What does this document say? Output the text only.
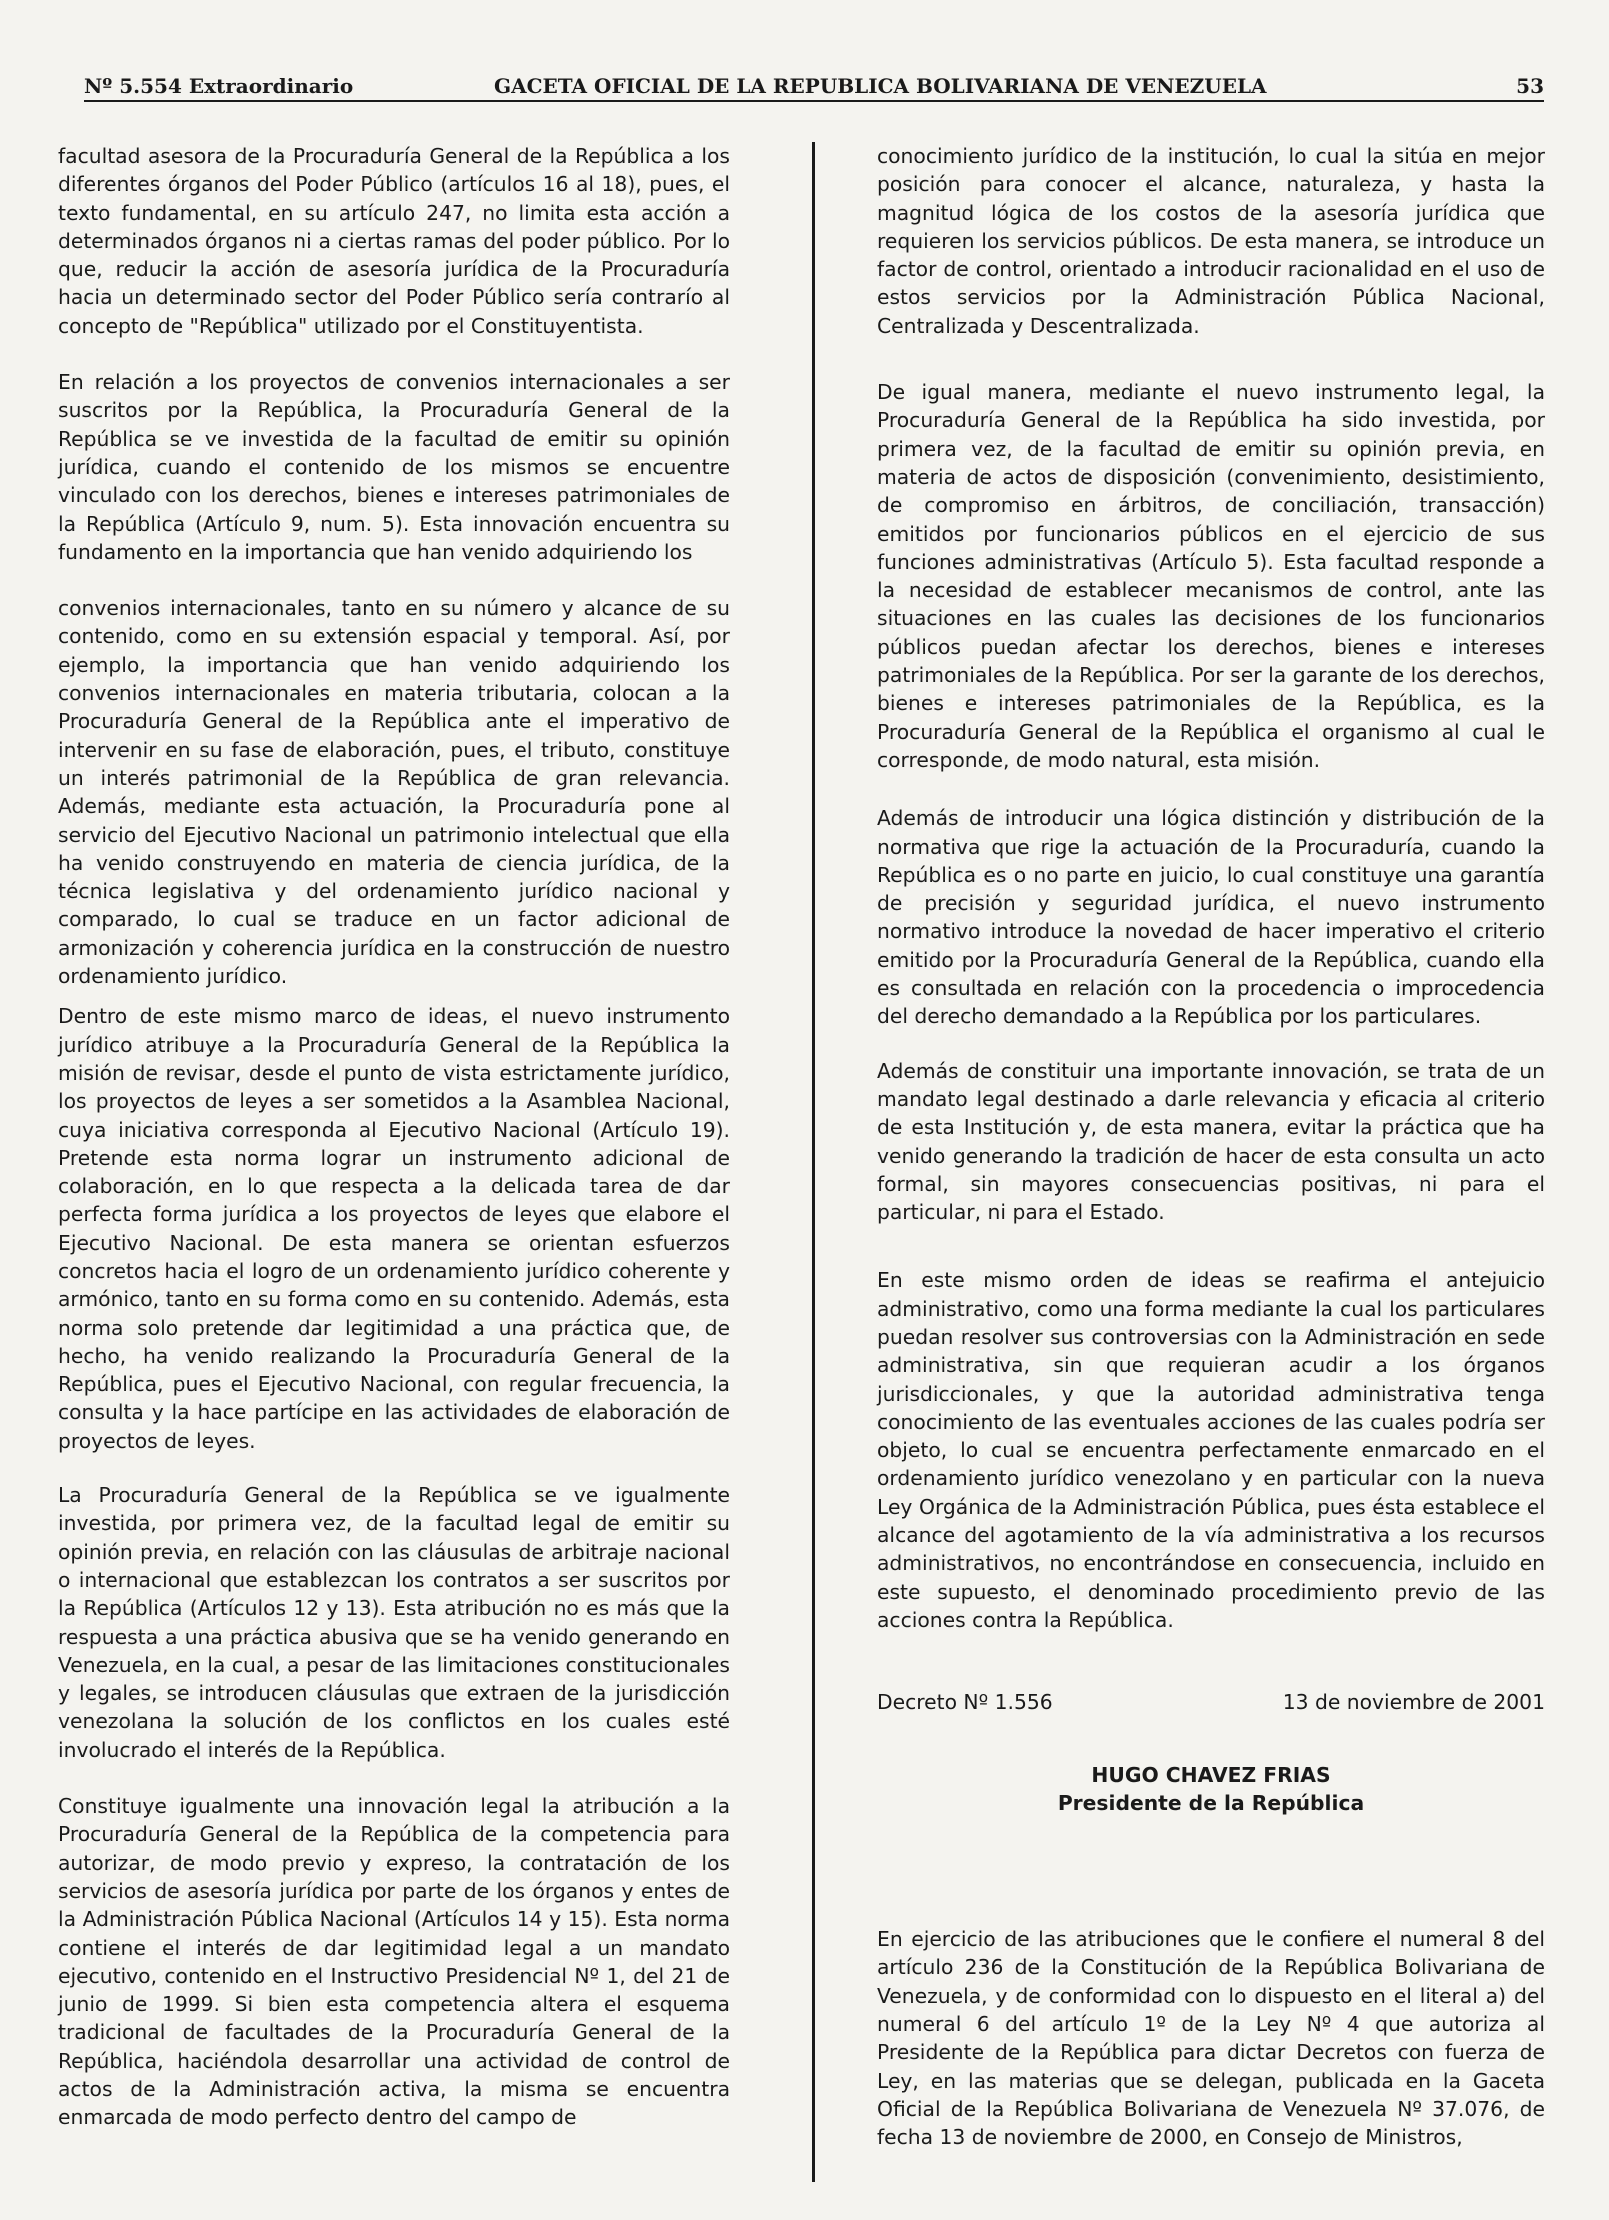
Nº 5.554 Extraordinario	GACETA OFICIAL DE LA REPUBLICA BOLIVARIANA DE VENEZUELA	53

facultad asesora de la Procuraduría General de la República a los diferentes órganos del Poder Público (artículos 16 al 18), pues, el texto fundamental, en su artículo 247, no limita esta acción a determinados órganos ni a ciertas ramas del poder público. Por lo que, reducir la acción de asesoría jurídica de la Procuraduría hacia un determinado sector del Poder Público sería contrarío al concepto de "República" utilizado por el Constituyentista.

En relación a los proyectos de convenios internacionales a ser suscritos por la República, la Procuraduría General de la República se ve investida de la facultad de emitir su opinión jurídica, cuando el contenido de los mismos se encuentre vinculado con los derechos, bienes e intereses patrimoniales de la República (Artículo 9, num. 5). Esta innovación encuentra su fundamento en la importancia que han venido adquiriendo los

convenios internacionales, tanto en su número y alcance de su contenido, como en su extensión espacial y temporal. Así, por ejemplo, la importancia que han venido adquiriendo los convenios internacionales en materia tributaria, colocan a la Procuraduría General de la República ante el imperativo de intervenir en su fase de elaboración, pues, el tributo, constituye un interés patrimonial de la República de gran relevancia. Además, mediante esta actuación, la Procuraduría pone al servicio del Ejecutivo Nacional un patrimonio intelectual que ella ha venido construyendo en materia de ciencia jurídica, de la técnica legislativa y del ordenamiento jurídico nacional y comparado, lo cual se traduce en un factor adicional de armonización y coherencia jurídica en la construcción de nuestro ordenamiento jurídico.

Dentro de este mismo marco de ideas, el nuevo instrumento jurídico atribuye a la Procuraduría General de la República la misión de revisar, desde el punto de vista estrictamente jurídico, los proyectos de leyes a ser sometidos a la Asamblea Nacional, cuya iniciativa corresponda al Ejecutivo Nacional (Artículo 19). Pretende esta norma lograr un instrumento adicional de colaboración, en lo que respecta a la delicada tarea de dar perfecta forma jurídica a los proyectos de leyes que elabore el Ejecutivo Nacional. De esta manera se orientan esfuerzos concretos hacia el logro de un ordenamiento jurídico coherente y armónico, tanto en su forma como en su contenido. Además, esta norma solo pretende dar legitimidad a una práctica que, de hecho, ha venido realizando la Procuraduría General de la República, pues el Ejecutivo Nacional, con regular frecuencia, la consulta y la hace partícipe en las actividades de elaboración de proyectos de leyes.

La Procuraduría General de la República se ve igualmente investida, por primera vez, de la facultad legal de emitir su opinión previa, en relación con las cláusulas de arbitraje nacional o internacional que establezcan los contratos a ser suscritos por la República (Artículos 12 y 13). Esta atribución no es más que la respuesta a una práctica abusiva que se ha venido generando en Venezuela, en la cual, a pesar de las limitaciones constitucionales y legales, se introducen cláusulas que extraen de la jurisdicción venezolana la solución de los conflictos en los cuales esté involucrado el interés de la República.

Constituye igualmente una innovación legal la atribución a la Procuraduría General de la República de la competencia para autorizar, de modo previo y expreso, la contratación de los servicios de asesoría jurídica por parte de los órganos y entes de la Administración Pública Nacional (Artículos 14 y 15). Esta norma contiene el interés de dar legitimidad legal a un mandato ejecutivo, contenido en el Instructivo Presidencial Nº 1, del 21 de junio de 1999. Si bien esta competencia altera el esquema tradicional de facultades de la Procuraduría General de la República, haciéndola desarrollar una actividad de control de actos de la Administración activa, la misma se encuentra enmarcada de modo perfecto dentro del campo de

conocimiento jurídico de la institución, lo cual la sitúa en mejor posición para conocer el alcance, naturaleza, y hasta la magnitud lógica de los costos de la asesoría jurídica que requieren los servicios públicos. De esta manera, se introduce un factor de control, orientado a introducir racionalidad en el uso de estos servicios por la Administración Pública Nacional, Centralizada y Descentralizada.

De igual manera, mediante el nuevo instrumento legal, la Procuraduría General de la República ha sido investida, por primera vez, de la facultad de emitir su opinión previa, en materia de actos de disposición (convenimiento, desistimiento, de compromiso en árbitros, de conciliación, transacción) emitidos por funcionarios públicos en el ejercicio de sus funciones administrativas (Artículo 5). Esta facultad responde a la necesidad de establecer mecanismos de control, ante las situaciones en las cuales las decisiones de los funcionarios públicos puedan afectar los derechos, bienes e intereses patrimoniales de la República. Por ser la garante de los derechos, bienes e intereses patrimoniales de la República, es la Procuraduría General de la República el organismo al cual le corresponde, de modo natural, esta misión.

Además de introducir una lógica distinción y distribución de la normativa que rige la actuación de la Procuraduría, cuando la República es o no parte en juicio, lo cual constituye una garantía de precisión y seguridad jurídica, el nuevo instrumento normativo introduce la novedad de hacer imperativo el criterio emitido por la Procuraduría General de la República, cuando ella es consultada en relación con la procedencia o improcedencia del derecho demandado a la República por los particulares.

Además de constituir una importante innovación, se trata de un mandato legal destinado a darle relevancia y eficacia al criterio de esta Institución y, de esta manera, evitar la práctica que ha venido generando la tradición de hacer de esta consulta un acto formal, sin mayores consecuencias positivas, ni para el particular, ni para el Estado.

En este mismo orden de ideas se reafirma el antejuicio administrativo, como una forma mediante la cual los particulares puedan resolver sus controversias con la Administración en sede administrativa, sin que requieran acudir a los órganos jurisdiccionales, y que la autoridad administrativa tenga conocimiento de las eventuales acciones de las cuales podría ser objeto, lo cual se encuentra perfectamente enmarcado en el ordenamiento jurídico venezolano y en particular con la nueva Ley Orgánica de la Administración Pública, pues ésta establece el alcance del agotamiento de la vía administrativa a los recursos administrativos, no encontrándose en consecuencia, incluido en este supuesto, el denominado procedimiento previo de las acciones contra la República.

Decreto Nº 1.556	13 de noviembre de 2001
HUGO CHAVEZ FRIAS
Presidente de la República

En ejercicio de las atribuciones que le confiere el numeral 8 del artículo 236 de la Constitución de la República Bolivariana de Venezuela, y de conformidad con lo dispuesto en el literal a) del numeral 6 del artículo 1º de la Ley Nº 4 que autoriza al Presidente de la República para dictar Decretos con fuerza de Ley, en las materias que se delegan, publicada en la Gaceta Oficial de la República Bolivariana de Venezuela Nº 37.076, de fecha 13 de noviembre de 2000, en Consejo de Ministros,
